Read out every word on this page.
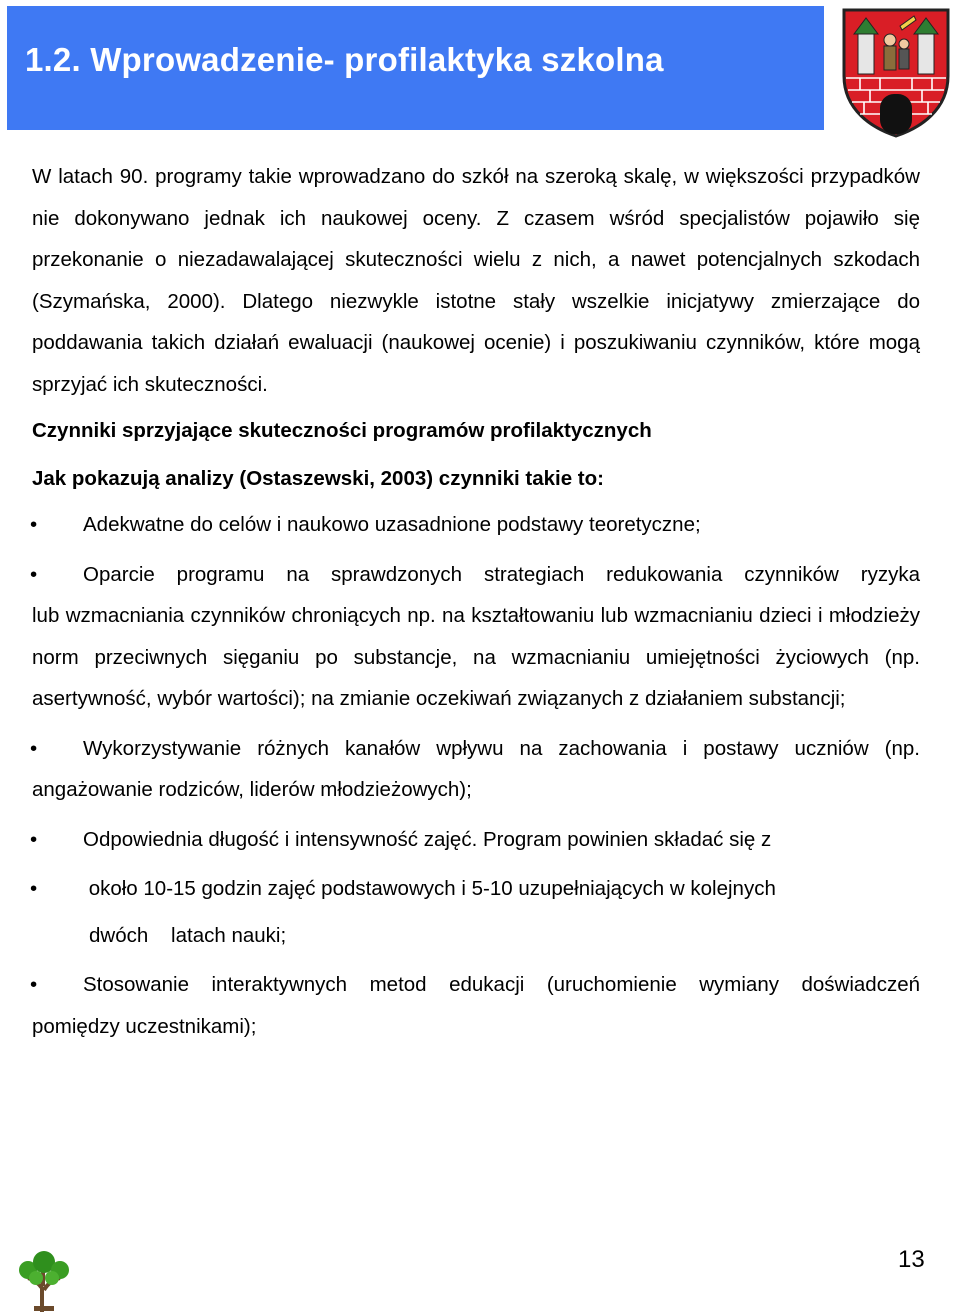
1.2. Wprowadzenie- profilaktyka szkolna

W latach 90. programy takie wprowadzano do szkół na szeroką skalę, w większości przypadków nie dokonywano jednak ich naukowej oceny. Z czasem wśród specjalistów pojawiło się przekonanie o niezadawalającej skuteczności wielu z nich, a nawet potencjalnych szkodach (Szymańska, 2000). Dlatego niezwykle istotne stały wszelkie inicjatywy zmierzające do poddawania takich działań ewaluacji (naukowej ocenie) i poszukiwaniu czynników, które mogą sprzyjać ich skuteczności.

Czynniki sprzyjające skuteczności programów profilaktycznych

Jak pokazują analizy (Ostaszewski, 2003) czynniki takie to:

• Adekwatne do celów i naukowo uzasadnione podstawy teoretyczne;
• Oparcie programu na sprawdzonych strategiach redukowania czynników ryzyka
lub wzmacniania czynników chroniących np. na kształtowaniu lub wzmacnianiu dzieci i młodzieży norm przeciwnych sięganiu po substancje, na wzmacnianiu umiejętności życiowych (np. asertywność, wybór wartości); na zmianie oczekiwań związanych z działaniem substancji;
• Wykorzystywanie różnych kanałów wpływu na zachowania i postawy uczniów (np.
angażowanie rodziców, liderów młodzieżowych);
• Odpowiednia długość i intensywność zajęć. Program powinien składać się z
• około 10-15 godzin zajęć podstawowych i 5-10 uzupełniających w kolejnych
dwóch    latach nauki;
• Stosowanie interaktywnych metod edukacji (uruchomienie wymiany doświadczeń
pomiędzy uczestnikami);
13
